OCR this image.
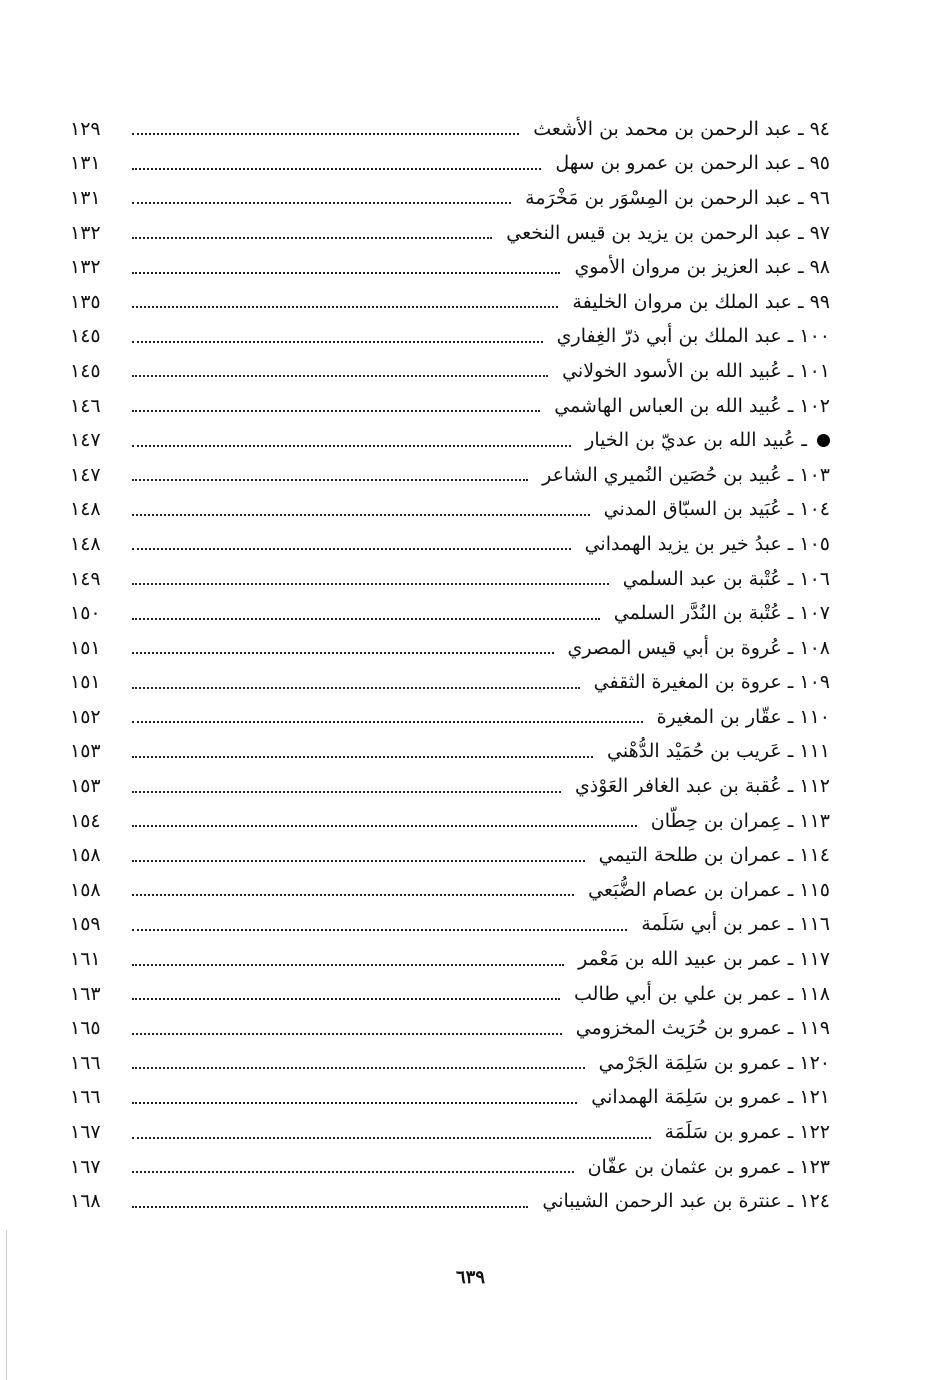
٩٤ ـ عبد الرحمن بن محمد بن الأشعث
١٢٩
٩٥ ـ عبد الرحمن بن عمرو بن سهل
١٣١
٩٦ ـ عبد الرحمن بن المِسْوَر بن مَخْرَمة
١٣١
٩٧ ـ عبد الرحمن بن يزيد بن قيس النخعي
١٣٢
٩٨ ـ عبد العزيز بن مروان الأموي
١٣٢
٩٩ ـ عبد الملك بن مروان الخليفة
١٣٥
١٠٠ ـ عبد الملك بن أبي ذرّ الغِفاري
١٤٥
١٠١ ـ عُبيد الله بن الأسود الخولاني
١٤٥
١٠٢ ـ عُبيد الله بن العباس الهاشمي
١٤٦
ـ عُبيد الله بن عديّ بن الخيار
١٤٧
١٠٣ ـ عُبيد بن حُصَين النُميري الشاعر
١٤٧
١٠٤ ـ عُبَيد بن السبّاق المدني
١٤٨
١٠٥ ـ عبدُ خير بن يزيد الهمداني
١٤٨
١٠٦ ـ عُتْبة بن عبد السلمي
١٤٩
١٠٧ ـ عُتْبة بن النُدَّر السلمي
١٥٠
١٠٨ ـ عُروة بن أبي قيس المصري
١٥١
١٠٩ ـ عروة بن المغيرة الثقفي
١٥١
١١٠ ـ عقّار بن المغيرة
١٥٢
١١١ ـ عَريب بن حُمَيْد الدُّهْني
١٥٣
١١٢ ـ عُقبة بن عبد الغافر العَوْذي
١٥٣
١١٣ ـ عِمران بن حِطّان
١٥٤
١١٤ ـ عمران بن طلحة التيمي
١٥٨
١١٥ ـ عمران بن عصام الضُّبَعي
١٥٨
١١٦ ـ عمر بن أبي سَلَمة
١٥٩
١١٧ ـ عمر بن عبيد الله بن مَعْمر
١٦١
١١٨ ـ عمر بن علي بن أبي طالب
١٦٣
١١٩ ـ عمرو بن حُرَيث المخزومي
١٦٥
١٢٠ ـ عمرو بن سَلِمَة الجَرْمي
١٦٦
١٢١ ـ عمرو بن سَلِمَة الهمداني
١٦٦
١٢٢ ـ عمرو بن سَلَمَة
١٦٧
١٢٣ ـ عمرو بن عثمان بن عفّان
١٦٧
١٢٤ ـ عنترة بن عبد الرحمن الشيباني
١٦٨
٦٣٩
